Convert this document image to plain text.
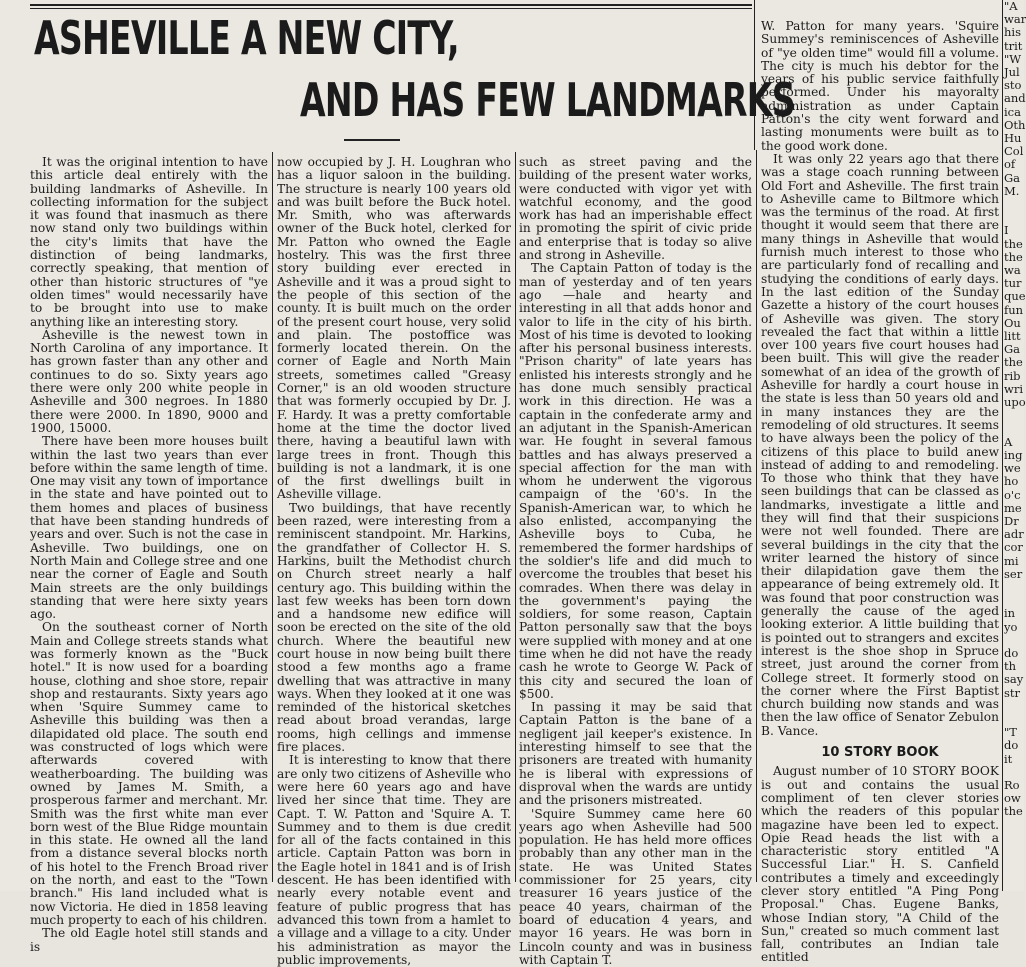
ASHEVILLE A NEW CITY,
AND HAS FEW LANDMARKS

It was the original intention to have this article deal entirely with the building landmarks of Asheville. In collecting information for the subject it was found that inasmuch as there now stand only two buildings within the city's limits that have the distinction of being landmarks, correctly speaking, that mention of other than historic structures of "ye olden times" would necessarily have to be brought into use to make anything like an interesting story.

Asheville is the newest town in North Carolina of any importance. It has grown faster than any other and continues to do so. Sixty years ago there were only 200 white people in Asheville and 300 negroes. In 1880 there were 2000. In 1890, 9000 and 1900, 15000.

There have been more houses built within the last two years than ever before within the same length of time. One may visit any town of importance in the state and have pointed out to them homes and places of business that have been standing hundreds of years and over. Such is not the case in Asheville. Two buildings, one on North Main and College stree and one near the corner of Eagle and South Main streets are the only buildings standing that were here sixty years ago.

On the southeast corner of North Main and College streets stands what was formerly known as the "Buck hotel." It is now used for a boarding house, clothing and shoe store, repair shop and restaurants. Sixty years ago when 'Squire Summey came to Asheville this building was then a dilapidated old place. The south end was constructed of logs which were afterwards covered with weatherboarding. The building was owned by James M. Smith, a prosperous farmer and merchant. Mr. Smith was the first white man ever born west of the Blue Ridge mountain in this state. He owned all the land from a distance several blocks north of his hotel to the French Broad river on the north, and east to the "Town branch." His land included what is now Victoria. He died in 1858 leaving much property to each of his children.

The old Eagle hotel still stands and is

now occupied by J. H. Loughran who has a liquor saloon in the building. The structure is nearly 100 years old and was built before the Buck hotel. Mr. Smith, who was afterwards owner of the Buck hotel, clerked for Mr. Patton who owned the Eagle hostelry. This was the first three story building ever erected in Asheville and it was a proud sight to the people of this section of the county. It is built much on the order of the present court house, very solid and plain. The postoffice was formerly located therein. On the corner of Eagle and North Main streets, sometimes called "Greasy Corner," is an old wooden structure that was formerly occupied by Dr. J. F. Hardy. It was a pretty comfortable home at the time the doctor lived there, having a beautiful lawn with large trees in front. Though this building is not a landmark, it is one of the first dwellings built in Asheville village.

Two buildings, that have recently been razed, were interesting from a reminiscent standpoint. Mr. Harkins, the grandfather of Collector H. S. Harkins, built the Methodist church on Church street nearly a half century ago. This building within the last few weeks has been torn down and a handsome new edifice will soon be erected on the site of the old church. Where the beautiful new court house in now being built there stood a few months ago a frame dwelling that was attractive in many ways. When they looked at it one was reminded of the historical sketches read about broad verandas, large rooms, high cellings and immense fire places.

It is interesting to know that there are only two citizens of Asheville who were here 60 years ago and have lived her since that time. They are Capt. T. W. Patton and 'Squire A. T. Summey and to them is due credit for all of the facts contained in this article. Captain Patton was born in the Eagle hotel in 1841 and is of Irish descent. He has been identified with nearly every notable event and feature of public progress that has advanced this town from a hamlet to a village and a village to a city. Under his administration as mayor the public improvements,

such as street paving and the building of the present water works, were conducted with vigor yet with watchful economy, and the good work has had an imperishable effect in promoting the spirit of civic pride and enterprise that is today so alive and strong in Asheville.

The Captain Patton of today is the man of yesterday and of ten years ago —hale and hearty and interesting in all that adds honor and valor to life in the city of his birth. Most of his time is devoted to looking after his personal business interests. "Prison charity" of late years has enlisted his interests strongly and he has done much sensibly practical work in this direction. He was a captain in the confederate army and an adjutant in the Spanish-American war. He fought in several famous battles and has always preserved a special affection for the man with whom he underwent the vigorous campaign of the '60's. In the Spanish-American war, to which he also enlisted, accompanying the Asheville boys to Cuba, he remembered the former hardships of the soldier's life and did much to overcome the troubles that beset his comrades. When there was delay in the government's paying the soldiers, for some reason, Captain Patton personally saw that the boys were supplied with money and at one time when he did not have the ready cash he wrote to George W. Pack of this city and secured the loan of $500.

In passing it may be said that Captain Patton is the bane of a negligent jail keeper's existence. In interesting himself to see that the prisoners are treated with humanity he is liberal with expressions of disproval when the wards are untidy and the prisoners mistreated.

'Squire Summey came here 60 years ago when Asheville had 500 population. He has held more offices probably than any other man in the state. He was United States commissioner for 25 years, city treasurer 16 years justice of the peace 40 years, chairman of the board of education 4 years, and mayor 16 years. He was born in Lincoln county and was in business with Captain T.

W. Patton for many years. 'Squire Summey's reminiscences of Asheville of "ye olden time" would fill a volume. The city is much his debtor for the years of his public service faithfully performed. Under his mayoralty administration as under Captain Patton's the city went forward and lasting monuments were built as to the good work done.

It was only 22 years ago that there was a stage coach running between Old Fort and Asheville. The first train to Asheville came to Biltmore which was the terminus of the road. At first thought it would seem that there are many things in Asheville that would furnish much interest to those who are particularly fond of recalling and studying the conditions of early days. In the last edition of the Sunday Gazette a history of the court houses of Asheville was given. The story revealed the fact that within a little over 100 years five court houses had been built. This will give the reader somewhat of an idea of the growth of Asheville for hardly a court house in the state is less than 50 years old and in many instances they are the remodeling of old structures. It seems to have always been the policy of the citizens of this place to build anew instead of adding to and remodeling. To those who think that they have seen buildings that can be classed as landmarks, investigate a little and they will find that their suspicions were not well founded. There are several buildings in the city that the writer learned the history of since their dilapidation gave them the appearance of being extremely old. It was found that poor construction was generally the cause of the aged looking exterior. A little building that is pointed out to strangers and excites interest is the shoe shop in Spruce street, just around the corner from College street. It formerly stood on the corner where the First Baptist church building now stands and was then the law office of Senator Zebulon B. Vance.

10 STORY BOOK

August number of 10 STORY BOOK is out and contains the usual compliment of ten clever stories which the readers of this popular magazine have been led to expect. Opie Read heads the list with a characteristic story entitled "A Successful Liar." H. S. Canfield contributes a timely and exceedingly clever story entitled "A Ping Pong Proposal." Chas. Eugene Banks, whose Indian story, "A Child of the Sun," created so much comment last fall, contributes an Indian tale entitled

"A
war
his
trit
"W
Jul
sto
and
ica
Oth
Hu
Col
of
Ga
M.

I
the
the
wa
tur
que
fun
Ou
litt
Ga
the
rib
wri
upo

A
ing
we
ho
o'c
me
Dr
adr
cor
mi
ser

in
yo

do
th
say
str

"T
do
it

Ro
ow
the
